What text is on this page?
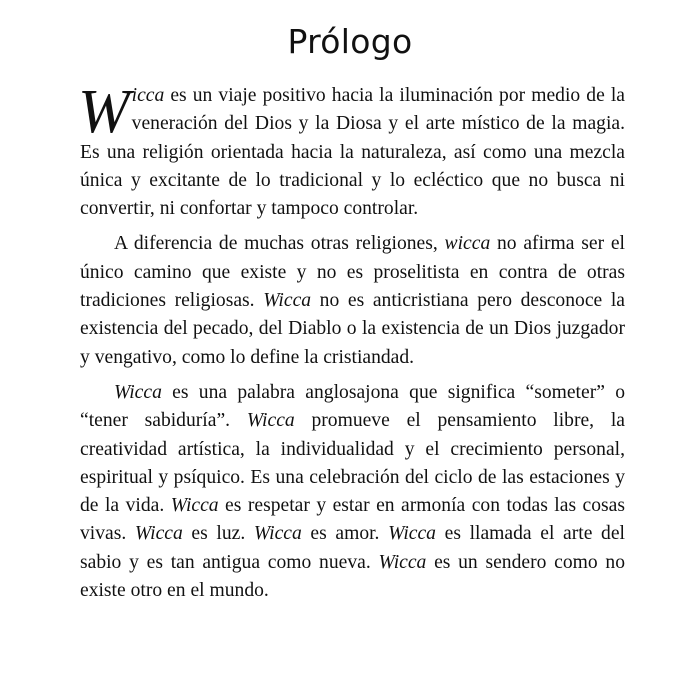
Prólogo

Wicca es un viaje positivo hacia la iluminación por medio de la veneración del Dios y la Diosa y el arte místico de la magia. Es una religión orientada hacia la naturaleza, así como una mezcla única y excitante de lo tradicional y lo ecléctico que no busca ni convertir, ni confortar y tampoco controlar.

A diferencia de muchas otras religiones, wicca no afirma ser el único camino que existe y no es proselitista en contra de otras tradiciones religiosas. Wicca no es anticristiana pero desconoce la existencia del pecado, del Diablo o la existencia de un Dios juzgador y vengativo, como lo define la cristiandad.

Wicca es una palabra anglosajona que significa “someter” o “tener sabiduría”. Wicca promueve el pensamiento libre, la creatividad artística, la individualidad y el crecimiento personal, espiritual y psíquico. Es una celebración del ciclo de las estaciones y de la vida. Wicca es respetar y estar en armonía con todas las cosas vivas. Wicca es luz. Wicca es amor. Wicca es llamada el arte del sabio y es tan antigua como nueva. Wicca es un sendero como no existe otro en el mundo.
